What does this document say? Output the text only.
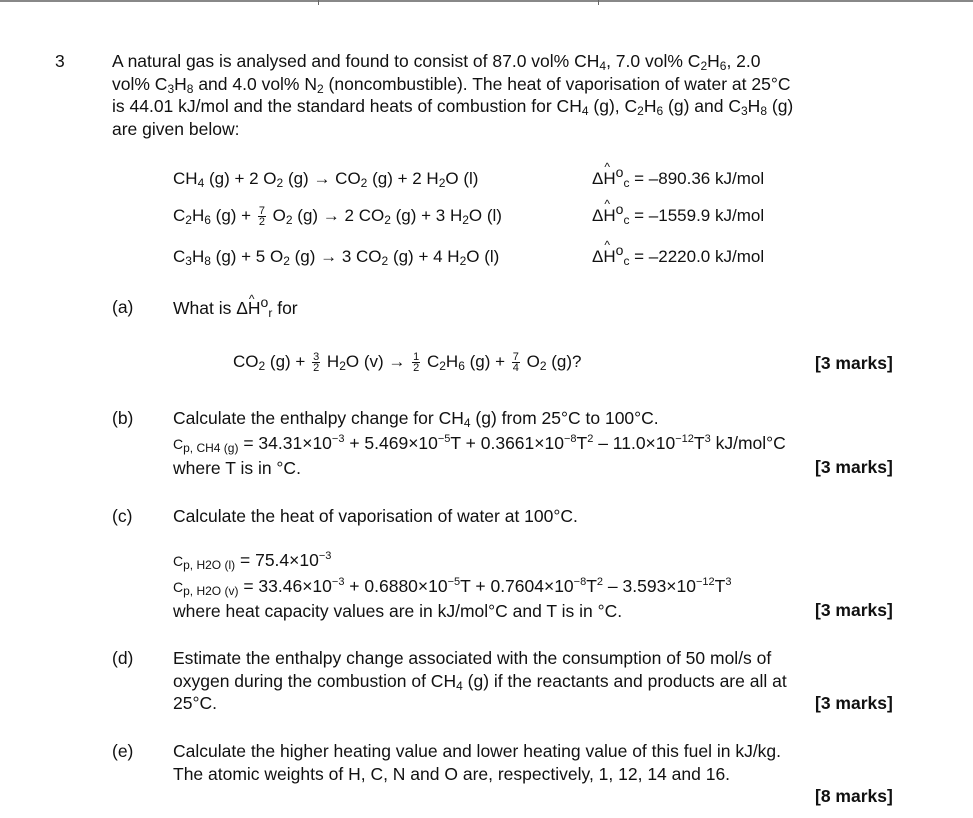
3	A natural gas is analysed and found to consist of 87.0 vol% $CH_4$, 7.0 vol% $C_2H_6$, 2.0
vol% $C_3H_8$ and 4.0 vol% $N_2$ (noncombustible). The heat of vaporisation of water at 25°C
is 44.01 kJ/mol and the standard heats of combustion for $CH_4$ (g), $C_2H_6$ (g) and $C_3H_8$ (g)
are given below:
$CH_4$ (g) + 2 $O_2$ $(g) \to CO_2$ (g) + 2 $H_2O$ (l)	Δ^ $H^o_c = -890.36$ kJ/mol
$C_2H_6$ $(g) + \frac{7}{2} O_2$ (g) → 2 $CO_2$ (g) + 3 $H_2O$ (l)	Δ^ $H^o_c = -1559.9$ kJ/mol
$C_3H_8$ (g) + 5 $O_2$ (g) → 3 $CO_2$ (g) + 4 $H_2O$ (l)	Δ^ $H^o_c = -2220.0$ kJ/mol
(a) What is Δ^ $H^o_r$ for
$CO_2$ $(g) + \frac{3}{2} H_2O$ $(v) \to \frac{1}{2} C_2H_6$ $(g) + \frac{7}{4} O_2$ (g)?	[3 marks]
(b) Calculate the enthalpy change for $CH_4$ (g) from 25°C to 100°C.
$C_{p, CH4 (g)} = 34.31\times 10^{-3} + 5.469\times 10^{-5}T + 0.3661\times 10^{-8}T^2 - 11.0\times 10^{-12}T^3$ kJ/mol°C
where T is in °C.	[3 marks]
(c) Calculate the heat of vaporisation of water at 100°C.
$C_{p, H2O (l)} = 75.4\times 10^{-3}$
$C_{p, H2O (v)} = 33.46\times 10^{-3} + 0.6880\times 10^{-5}T + 0.7604\times 10^{-8}T^2 - 3.593\times 10^{-12}T^3$
where heat capacity values are in kJ/mol°C and T is in °C.	[3 marks]
(d) Estimate the enthalpy change associated with the consumption of 50 mol/s of
oxygen during the combustion of $CH_4$ (g) if the reactants and products are all at
25°C.	[3 marks]
(e) Calculate the higher heating value and lower heating value of this fuel in kJ/kg.
The atomic weights of H, C, N and O are, respectively, 1, 12, 14 and 16.
[8 marks]
